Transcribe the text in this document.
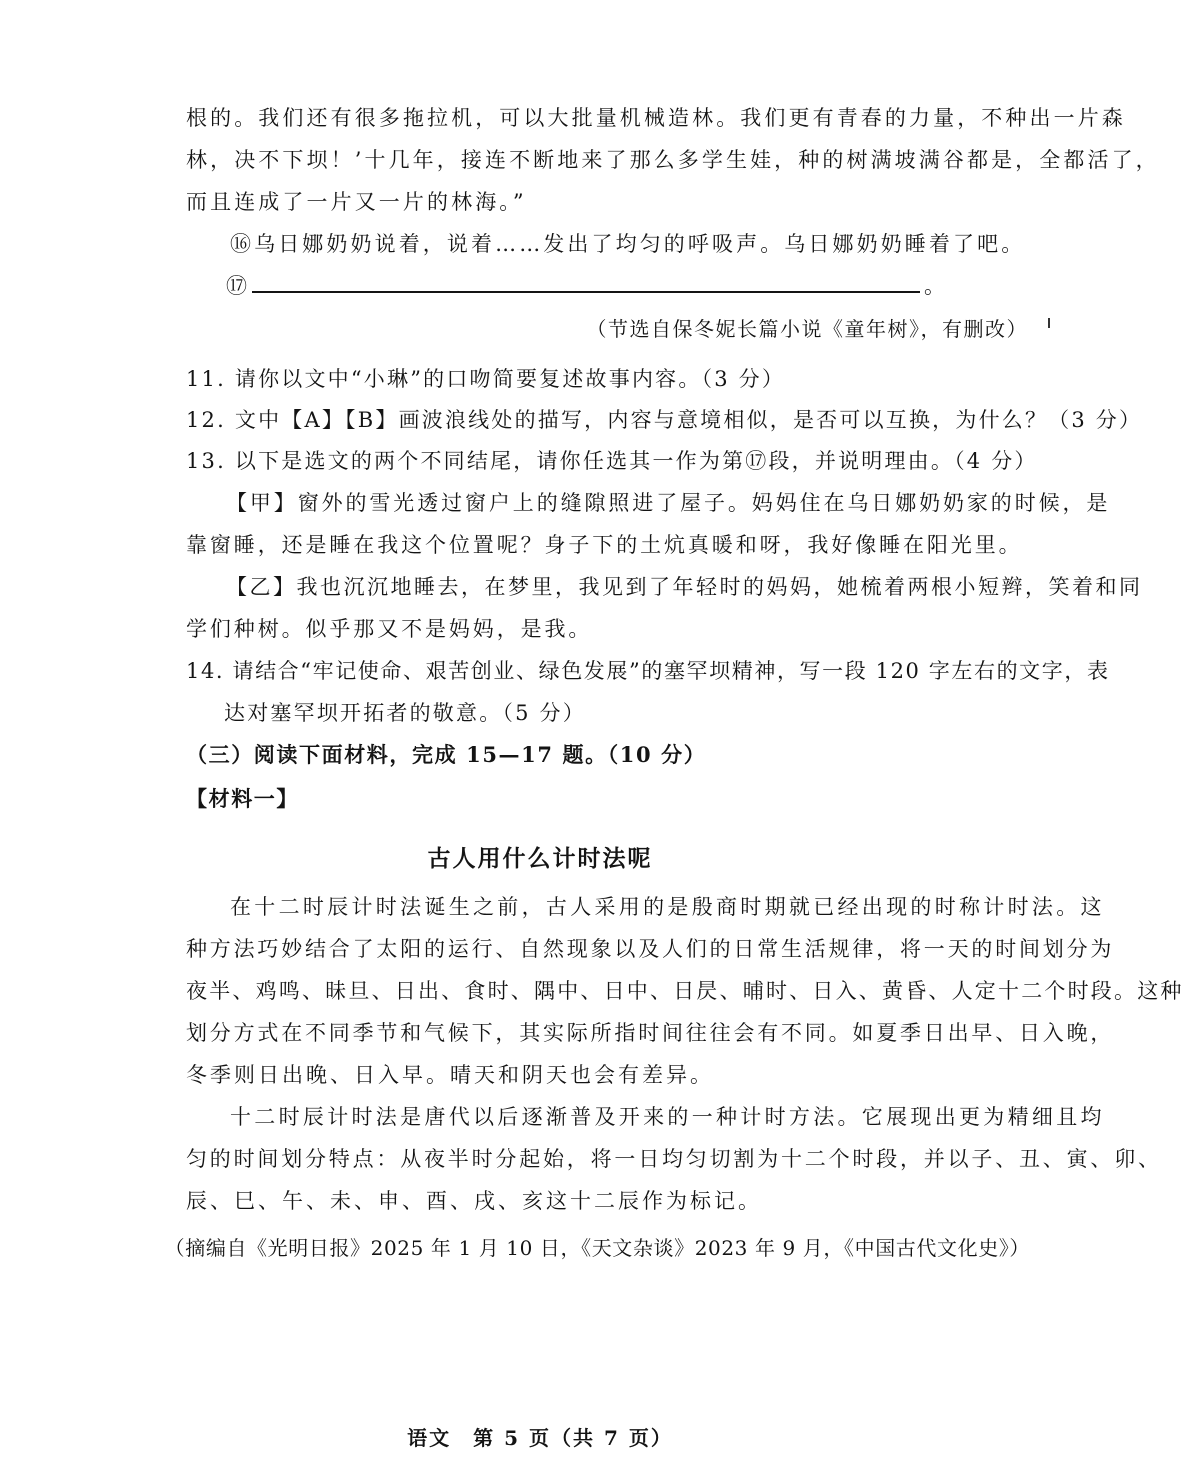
根的。我们还有很多拖拉机，可以大批量机械造林。我们更有青春的力量，不种出一片森
林，决不下坝！’十几年，接连不断地来了那么多学生娃，种的树满坡满谷都是，全都活了，
而且连成了一片又一片的林海。”
⑯乌日娜奶奶说着，说着……发出了均匀的呼吸声。乌日娜奶奶睡着了吧。
⑰	。
（节选自保冬妮长篇小说《童年树》，有删改）
11. 请你以文中“小琳”的口吻简要复述故事内容。（3 分）
12. 文中【A】【B】画波浪线处的描写，内容与意境相似，是否可以互换，为什么？（3 分）
13. 以下是选文的两个不同结尾，请你任选其一作为第⑰段，并说明理由。（4 分）
【甲】窗外的雪光透过窗户上的缝隙照进了屋子。妈妈住在乌日娜奶奶家的时候，是
靠窗睡，还是睡在我这个位置呢？身子下的土炕真暖和呀，我好像睡在阳光里。
【乙】我也沉沉地睡去，在梦里，我见到了年轻时的妈妈，她梳着两根小短辫，笑着和同
学们种树。似乎那又不是妈妈，是我。
14. 请结合“牢记使命、艰苦创业、绿色发展”的塞罕坝精神，写一段 120 字左右的文字，表
达对塞罕坝开拓者的敬意。（5 分）
（三）阅读下面材料，完成 15—17 题。（10 分）
【材料一】
古人用什么计时法呢
在十二时辰计时法诞生之前，古人采用的是殷商时期就已经出现的时称计时法。这
种方法巧妙结合了太阳的运行、自然现象以及人们的日常生活规律，将一天的时间划分为
夜半、鸡鸣、昧旦、日出、食时、隅中、日中、日昃、晡时、日入、黄昏、人定十二个时段。这种
划分方式在不同季节和气候下，其实际所指时间往往会有不同。如夏季日出早、日入晚，
冬季则日出晚、日入早。晴天和阴天也会有差异。
十二时辰计时法是唐代以后逐渐普及开来的一种计时方法。它展现出更为精细且均
匀的时间划分特点：从夜半时分起始，将一日均匀切割为十二个时段，并以子、丑、寅、卯、
辰、巳、午、未、申、酉、戌、亥这十二辰作为标记。
（摘编自《光明日报》2025 年 1 月 10 日，《天文杂谈》2023 年 9 月，《中国古代文化史》）
语文　第 5 页（共 7 页）
